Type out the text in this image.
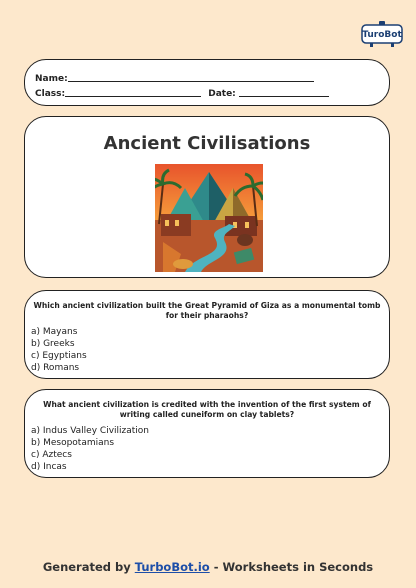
TuroBot
Name:
Class:	Date:
Ancient Civilisations
Which ancient civilization built the Great Pyramid of Giza as a monumental tomb for their pharaohs?
a) Mayans
b) Greeks
c) Egyptians
d) Romans
What ancient civilization is credited with the invention of the first system of writing called cuneiform on clay tablets?
a) Indus Valley Civilization
b) Mesopotamians
c) Aztecs
d) Incas
Generated by TurboBot.io - Worksheets in Seconds
